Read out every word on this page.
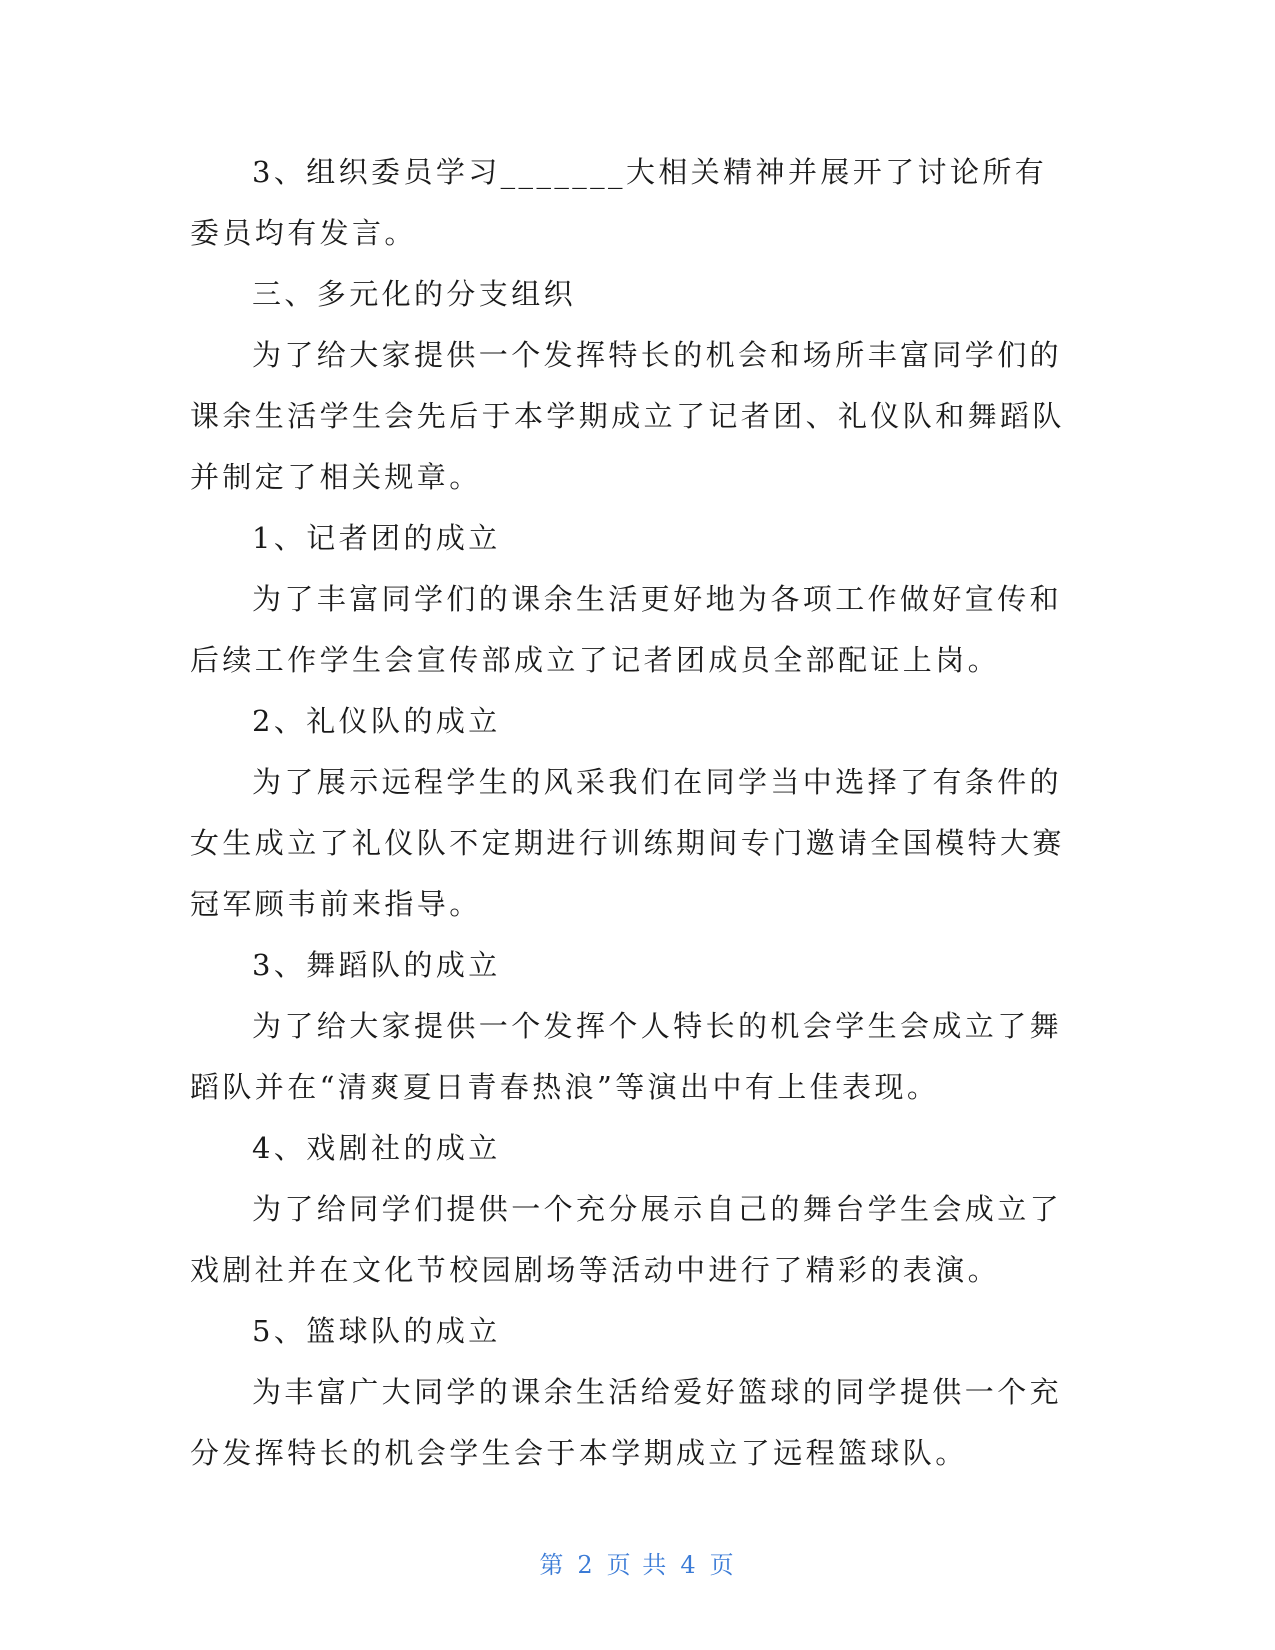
3、组织委员学习_______大相关精神并展开了讨论所有委员均有发言。

三、多元化的分支组织

为了给大家提供一个发挥特长的机会和场所丰富同学们的课余生活学生会先后于本学期成立了记者团、礼仪队和舞蹈队并制定了相关规章。

1、记者团的成立

为了丰富同学们的课余生活更好地为各项工作做好宣传和后续工作学生会宣传部成立了记者团成员全部配证上岗。

2、礼仪队的成立

为了展示远程学生的风采我们在同学当中选择了有条件的女生成立了礼仪队不定期进行训练期间专门邀请全国模特大赛冠军顾韦前来指导。

3、舞蹈队的成立

为了给大家提供一个发挥个人特长的机会学生会成立了舞蹈队并在“清爽夏日青春热浪”等演出中有上佳表现。

4、戏剧社的成立

为了给同学们提供一个充分展示自己的舞台学生会成立了戏剧社并在文化节校园剧场等活动中进行了精彩的表演。

5、篮球队的成立

为丰富广大同学的课余生活给爱好篮球的同学提供一个充分发挥特长的机会学生会于本学期成立了远程篮球队。

第 2 页 共 4 页
